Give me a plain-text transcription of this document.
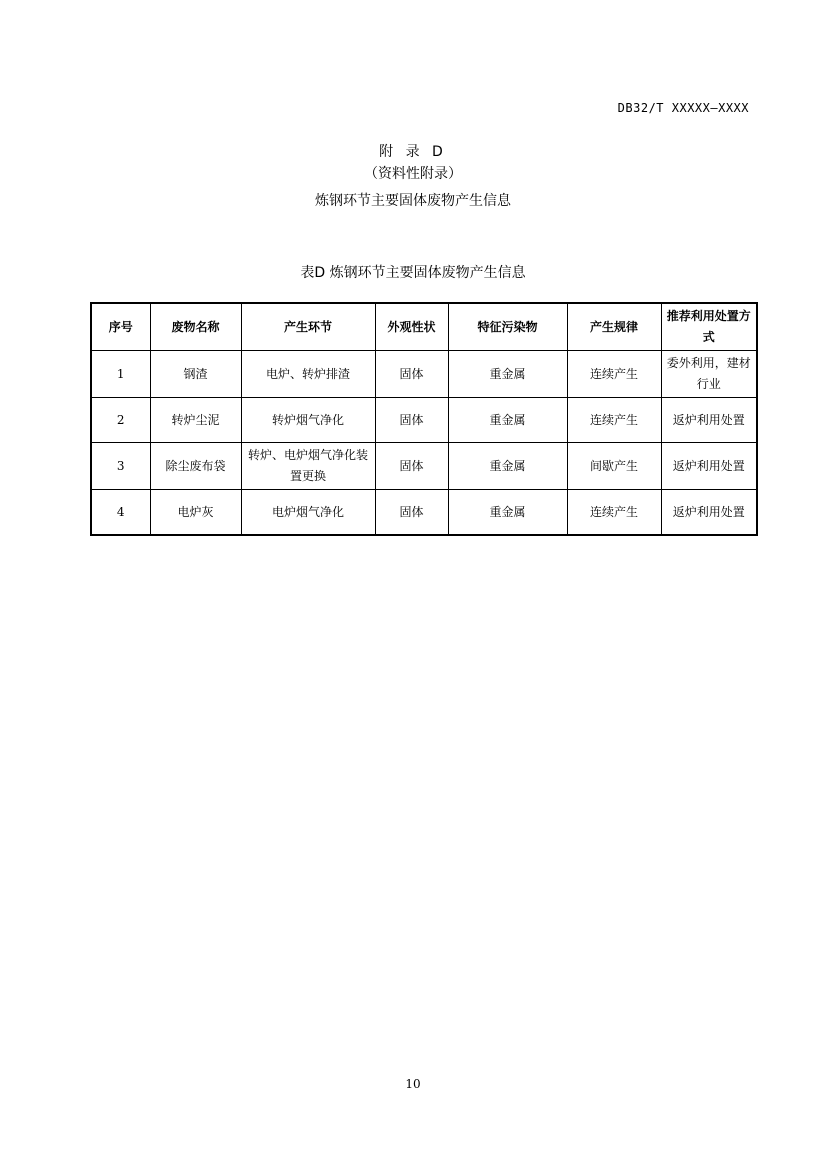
DB32/T XXXXX—XXXX
附 录 D
（资料性附录）
炼钢环节主要固体废物产生信息
表D 炼钢环节主要固体废物产生信息
序号	废物名称	产生环节	外观性状	特征污染物	产生规律	推荐利用处置方式
1	钢渣	电炉、转炉排渣	固体	重金属	连续产生	委外利用，建材行业
2	转炉尘泥	转炉烟气净化	固体	重金属	连续产生	返炉利用处置
3	除尘废布袋	转炉、电炉烟气净化装置更换	固体	重金属	间歇产生	返炉利用处置
4	电炉灰	电炉烟气净化	固体	重金属	连续产生	返炉利用处置
10
